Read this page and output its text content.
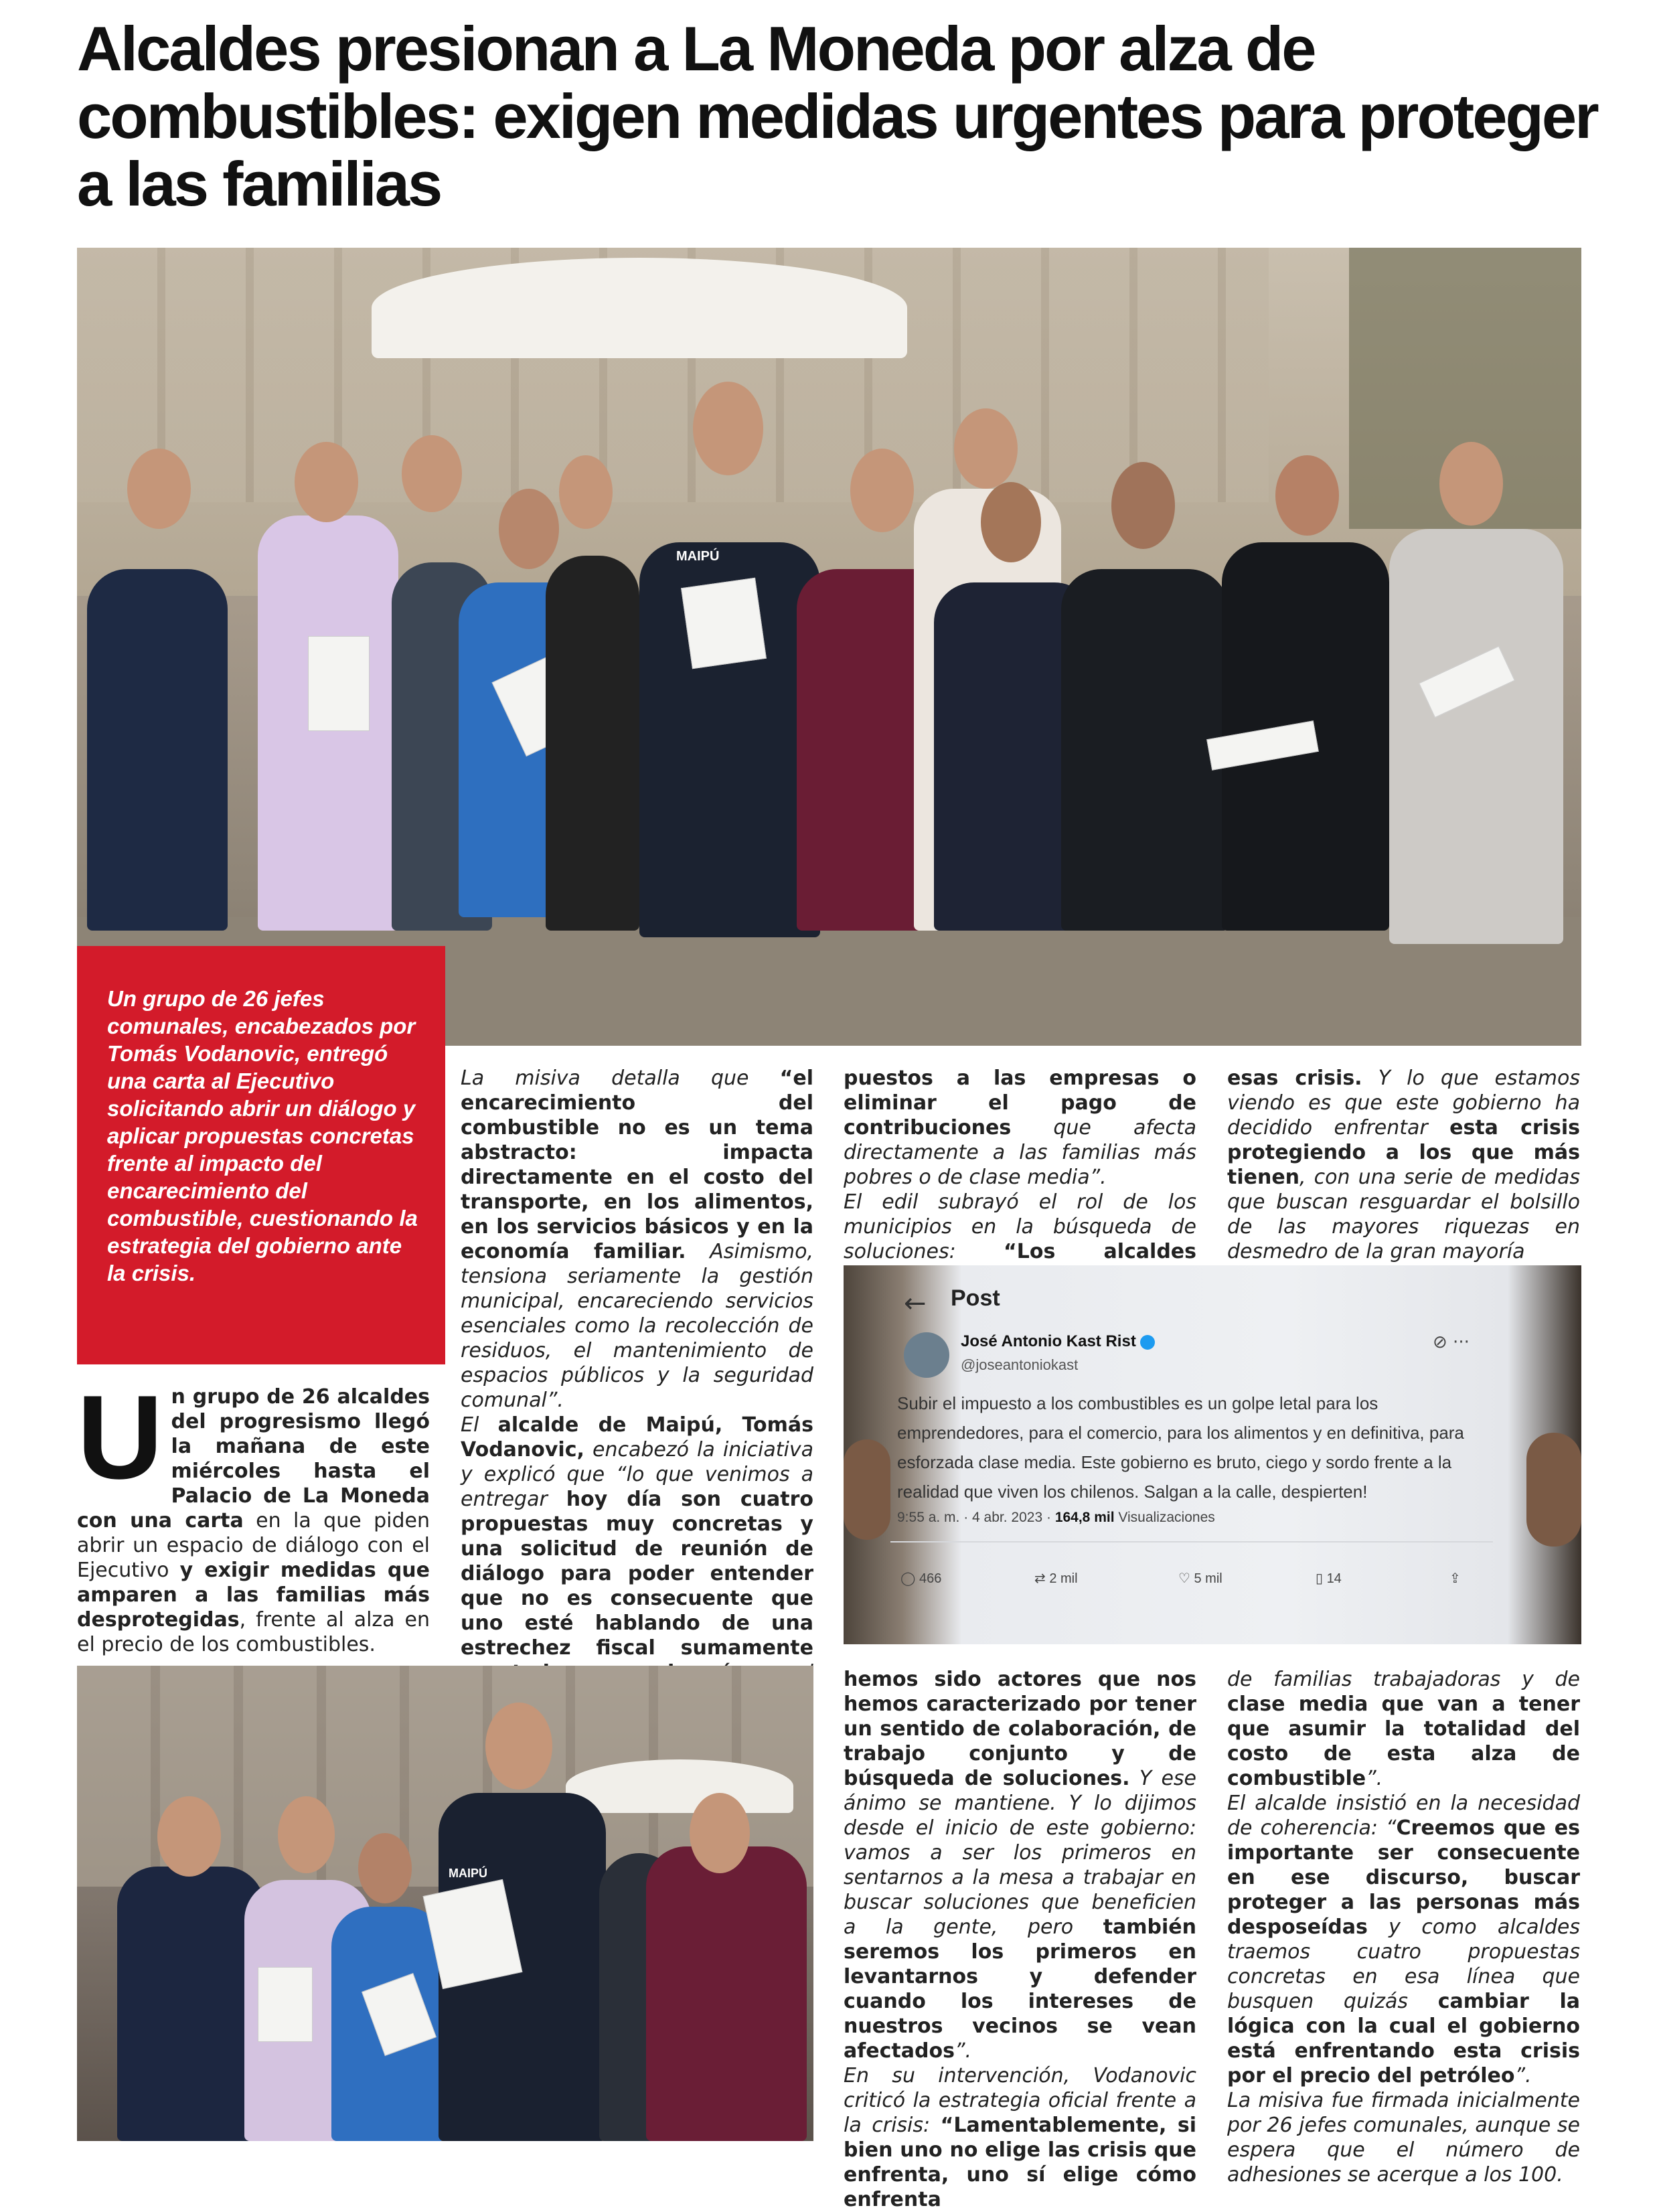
Alcaldes presionan a La Moneda por alza de combustibles: exigen medidas urgentes para proteger a las familias
MAIPÚ

Un grupo de 26 jefes comunales, encabezados por Tomás Vodanovic, entregó una carta al Ejecutivo solicitando abrir un diálogo y aplicar propuestas concretas frente al impacto del encarecimiento del combustible, cuestionando la estrategia del gobierno ante la crisis.

Un grupo de 26 alcaldes del progresismo llegó la mañana de este miércoles hasta el Palacio de La Moneda con una carta en la que piden abrir un espacio de diálogo con el Ejecutivo y exigir medidas que amparen a las familias más desprotegidas, frente al alza en el precio de los combustibles.

La misiva detalla que “el encarecimiento del combustible no es un tema abstracto: impacta directamente en el costo del transporte, en los alimentos, en los servicios básicos y en la economía familiar. Asimismo, tensiona seriamente la gestión municipal, encareciendo servicios esenciales como la recolección de residuos, el mantenimiento de espacios públicos y la seguridad comunal”.
El alcalde de Maipú, Tomás Vodanovic, encabezó la iniciativa y explicó que “lo que venimos a entregar hoy día son cuatro propuestas muy concretas y una solicitud de reunión de diálogo para poder entender que no es consecuente que uno esté hablando de una estrechez fiscal sumamente
puestos a las empresas o eliminar el pago de contribuciones que afecta directamente a las familias más pobres o de clase media”.
El edil subrayó el rol de los municipios en la búsqueda de soluciones: “Los alcaldes
esas crisis. Y lo que estamos viendo es que este gobierno ha decidido enfrentar esta crisis protegiendo a los que más tienen, con una serie de medidas que buscan resguardar el bolsillo de las mayores riquezas en desmedro de la gran mayoría
← Post
José Antonio Kast Rist
@joseantoniokast
⊘ ···
Subir el impuesto a los combustibles es un golpe letal para los emprendedores, para el comercio, para los alimentos y en definitiva, para esforzada clase media. Este gobierno es bruto, ciego y sordo frente a la realidad que viven los chilenos. Salgan a la calle, despierten!
9:55 a. m. · 4 abr. 2023 · 164,8 mil Visualizaciones
◯ 466	⇄ 2 mil	♡ 5 mil	▯ 14	⇪
MAIPÚ
hemos sido actores que nos hemos caracterizado por tener un sentido de colaboración, de trabajo conjunto y de búsqueda de soluciones. Y ese ánimo se mantiene. Y lo dijimos desde el inicio de este gobierno: vamos a ser los primeros en sentarnos a la mesa a trabajar en buscar soluciones que beneficien a la gente, pero también seremos los primeros en levantarnos y defender cuando los intereses de nuestros vecinos se vean afectados”.
En su intervención, Vodanovic criticó la estrategia oficial frente a la crisis: “Lamentablemente, si bien uno no elige las crisis que enfrenta, uno sí elige cómo enfrenta
de familias trabajadoras y de clase media que van a tener que asumir la totalidad del costo de esta alza de combustible”.
El alcalde insistió en la necesidad de coherencia: “Creemos que es importante ser consecuente en ese discurso, buscar proteger a las personas más desposeídas y como alcaldes traemos cuatro propuestas concretas en esa línea que busquen quizás cambiar la lógica con la cual el gobierno está enfrentando esta crisis por el precio del petróleo”.
La misiva fue firmada inicialmente por 26 jefes comunales, aunque se espera que el número de adhesiones se acerque a los 100.
